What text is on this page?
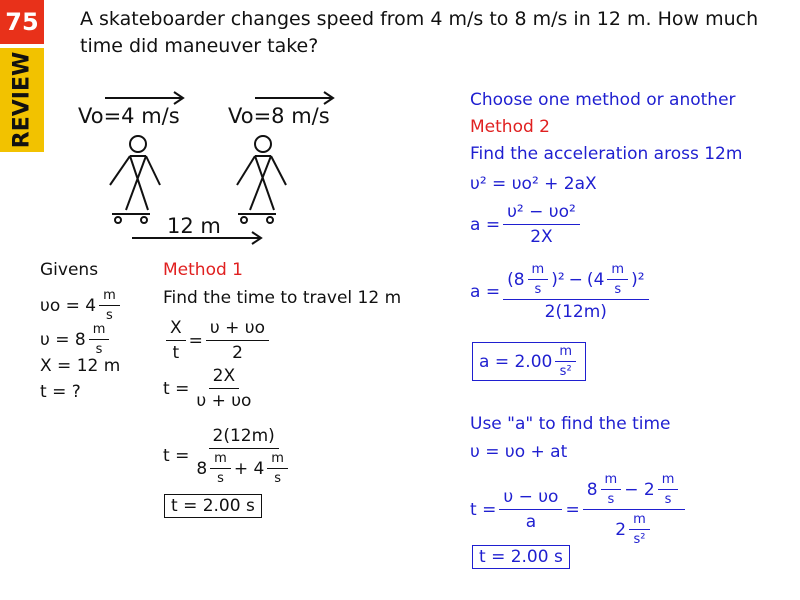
75
REVIEW
A skateboarder changes speed from 4 m/s to 8 m/s in 12 m. How much time did maneuver take?
Vo=4 m/s Vo=8 m/s
12 m
Givens
$\upsilon o = 4 \frac{m}{s}$
$\upsilon = 8 \frac{m}{s}$
X = 12 m
t = ?
Method 1
Find the time to travel 12 m
$\frac{X}{t} = \frac{\upsilon + \upsilon o}{2}$
$t = \frac{2X}{\upsilon + \upsilon o}$
$t = \frac{2(12m)}{8 \frac{m}{s} + 4 \frac{m}{s}}$
t = 2.00 s
Choose one method or another
Method 2
Find the acceleration aross 12m
υ² = υo² + 2aX
$a = \frac{\text{υ² − υo²}}{2X}$
$a = \frac{( 8 \frac{m}{s} )^2 - ( 4 \frac{m}{s} )^2}{2(12m)}$
$a = 2.00 \frac{m}{\text{s²}}$
Use "a" to find the time
υ = υo + at
$t = \frac{\upsilon - \upsilon o}{a} = \frac{8 \frac{m}{s} - 2 \frac{m}{s}}{2 \frac{m}{\text{s²}}}$
t = 2.00 s
